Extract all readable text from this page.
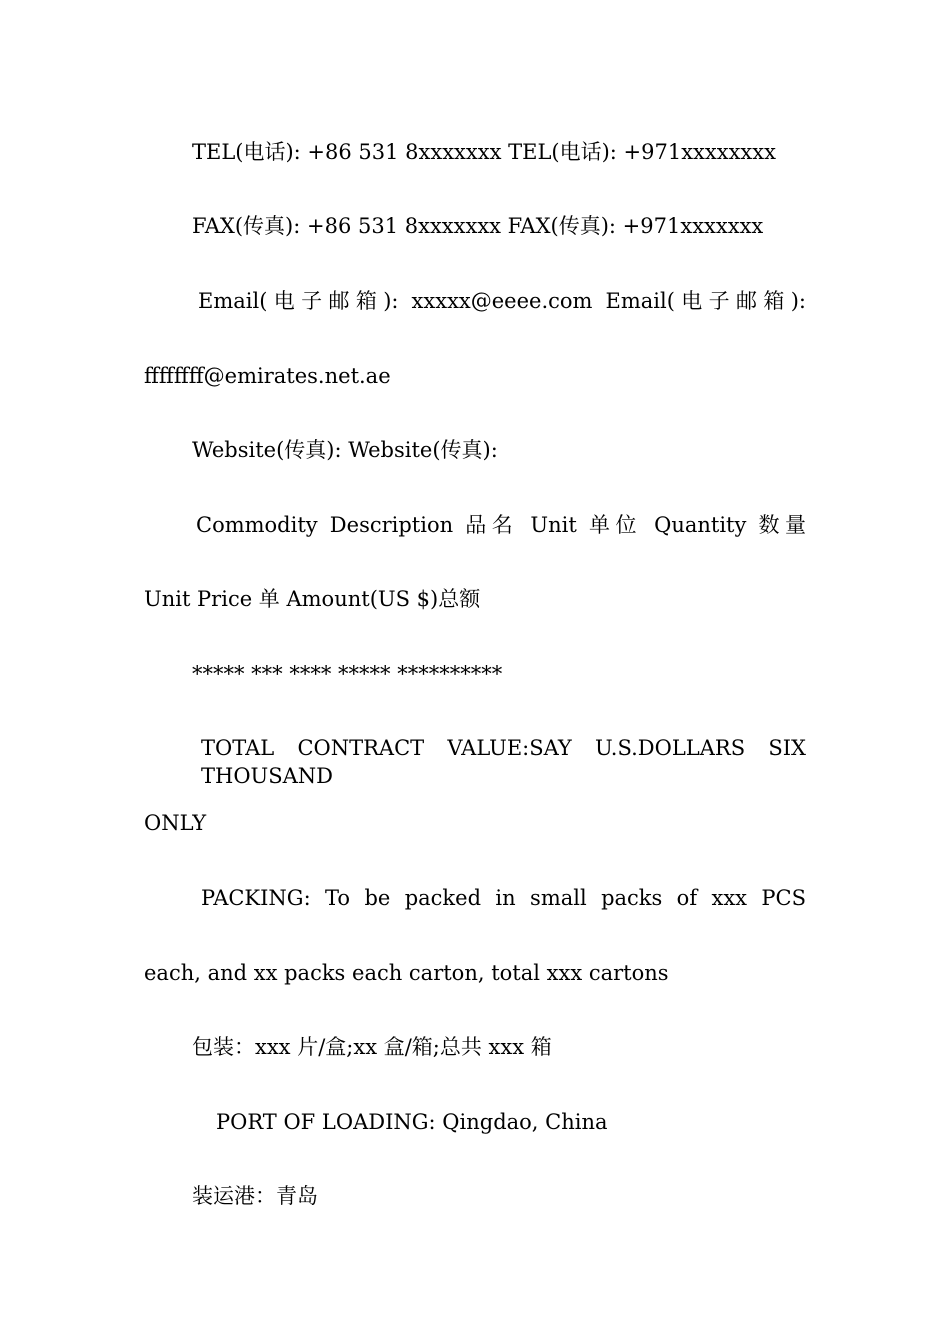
TEL(电话): +86 531 8xxxxxxx TEL(电话): +971xxxxxxxx
FAX(传真): +86 531 8xxxxxxx FAX(传真): +971xxxxxxx
Email(电子邮箱): xxxxx@eeee.com Email(电子邮箱):
ffffffff@emirates.net.ae
Website(传真): Website(传真):
Commodity Description 品名 Unit 单位 Quantity 数量
Unit Price 单 Amount(US $)总额
***** *** **** ***** **********
TOTAL CONTRACT VALUE:SAY U.S.DOLLARS SIX THOUSAND
ONLY
PACKING: To be packed in small packs of xxx PCS
each, and xx packs each carton, total xxx cartons
包装：xxx 片/盒;xx 盒/箱;总共 xxx 箱
PORT OF LOADING: Qingdao, China
装运港：青岛
